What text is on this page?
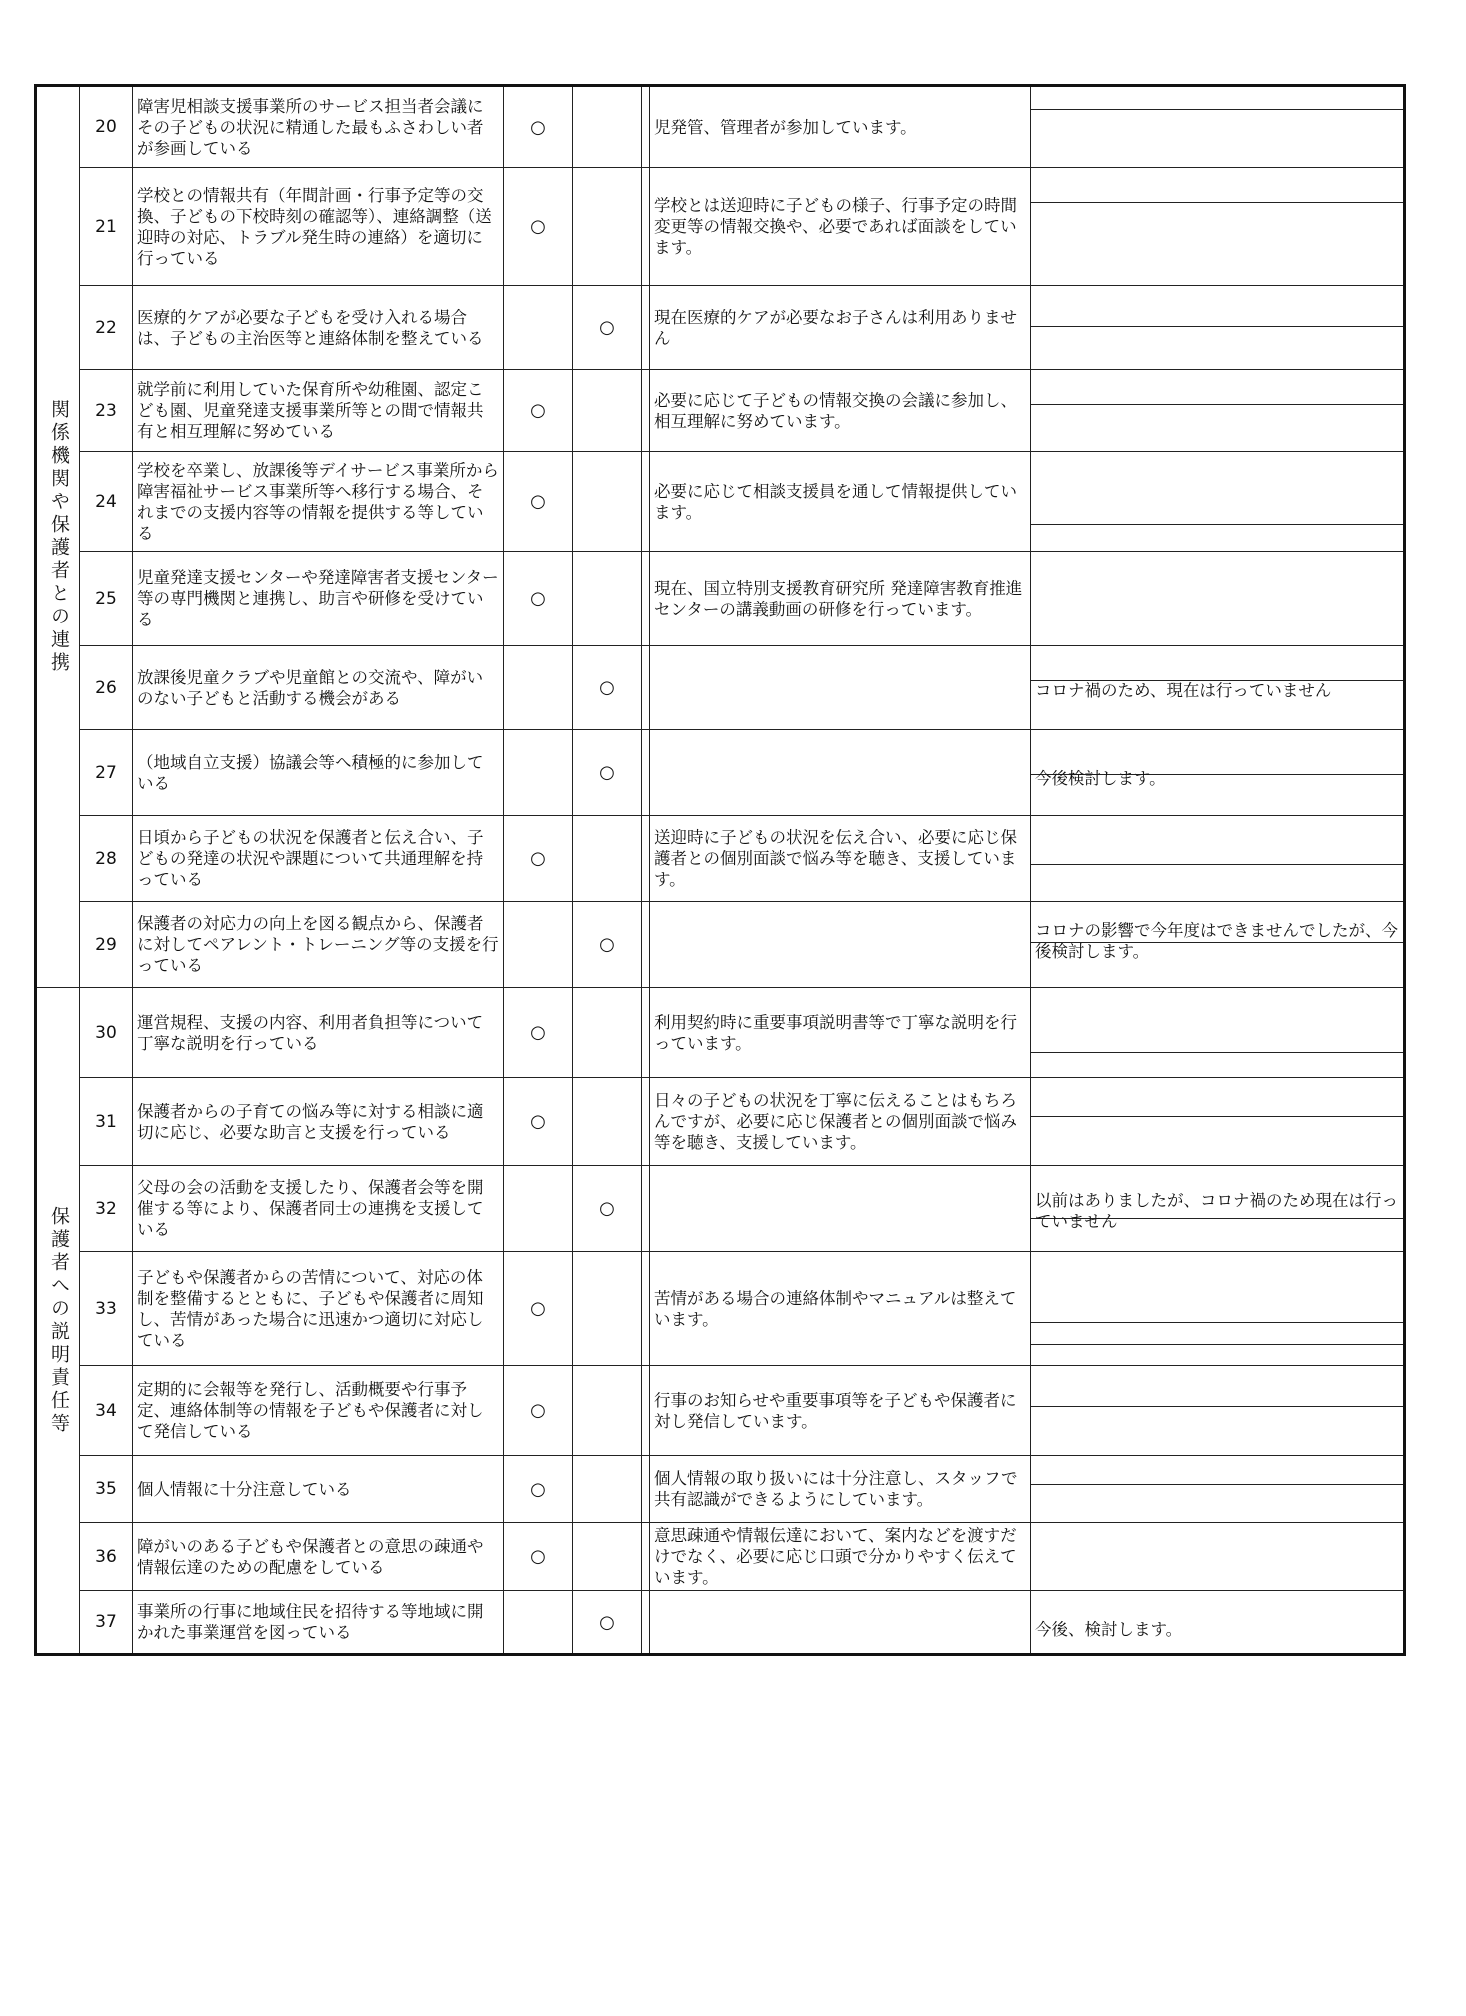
関係機関や保護者との連携	20	障害児相談支援事業所のサービス担当者会議にその子どもの状況に精通した最もふさわしい者が参画している	○			児発管、管理者が参加しています。	

	21	学校との情報共有（年間計画・行事予定等の交換、子どもの下校時刻の確認等）、連絡調整（送迎時の対応、トラブル発生時の連絡）を適切に行っている	○			学校とは送迎時に子どもの様子、行事予定の時間変更等の情報交換や、必要であれば面談をしています。	

	22	医療的ケアが必要な子どもを受け入れる場合は、子どもの主治医等と連絡体制を整えている		○		現在医療的ケアが必要なお子さんは利用ありません	

	23	就学前に利用していた保育所や幼稚園、認定こども園、児童発達支援事業所等との間で情報共有と相互理解に努めている	○			必要に応じて子どもの情報交換の会議に参加し、相互理解に努めています。	

	24	学校を卒業し、放課後等デイサービス事業所から障害福祉サービス事業所等へ移行する場合、それまでの支援内容等の情報を提供する等している	○			必要に応じて相談支援員を通して情報提供しています。	

	25	児童発達支援センターや発達障害者支援センター等の専門機関と連携し、助言や研修を受けている	○			現在、国立特別支援教育研究所 発達障害教育推進センターの講義動画の研修を行っています。	

	26	放課後児童クラブや児童館との交流や、障がいのない子どもと活動する機会がある		○			コロナ禍のため、現在は行っていません

	27	（地域自立支援）協議会等へ積極的に参加している		○			今後検討します。

	28	日頃から子どもの状況を保護者と伝え合い、子どもの発達の状況や課題について共通理解を持っている	○			送迎時に子どもの状況を伝え合い、必要に応じ保護者との個別面談で悩み等を聴き、支援しています。	

	29	保護者の対応力の向上を図る観点から、保護者に対してペアレント・トレーニング等の支援を行っている		○			コロナの影響で今年度はできませんでしたが、今後検討します。

保護者への説明責任等	30	運営規程、支援の内容、利用者負担等について丁寧な説明を行っている	○			利用契約時に重要事項説明書等で丁寧な説明を行っています。	

	31	保護者からの子育ての悩み等に対する相談に適切に応じ、必要な助言と支援を行っている	○			日々の子どもの状況を丁寧に伝えることはもちろんですが、必要に応じ保護者との個別面談で悩み等を聴き、支援しています。	

	32	父母の会の活動を支援したり、保護者会等を開催する等により、保護者同士の連携を支援している		○			以前はありましたが、コロナ禍のため現在は行っていません

	33	子どもや保護者からの苦情について、対応の体制を整備するとともに、子どもや保護者に周知し、苦情があった場合に迅速かつ適切に対応している	○			苦情がある場合の連絡体制やマニュアルは整えています。	

	34	定期的に会報等を発行し、活動概要や行事予定、連絡体制等の情報を子どもや保護者に対して発信している	○			行事のお知らせや重要事項等を子どもや保護者に対し発信しています。	

	35	個人情報に十分注意している	○			個人情報の取り扱いには十分注意し、スタッフで共有認識ができるようにしています。	

	36	障がいのある子どもや保護者との意思の疎通や情報伝達のための配慮をしている	○			意思疎通や情報伝達において、案内などを渡すだけでなく、必要に応じ口頭で分かりやすく伝えています。	

	37	事業所の行事に地域住民を招待する等地域に開かれた事業運営を図っている		○			今後、検討します。
